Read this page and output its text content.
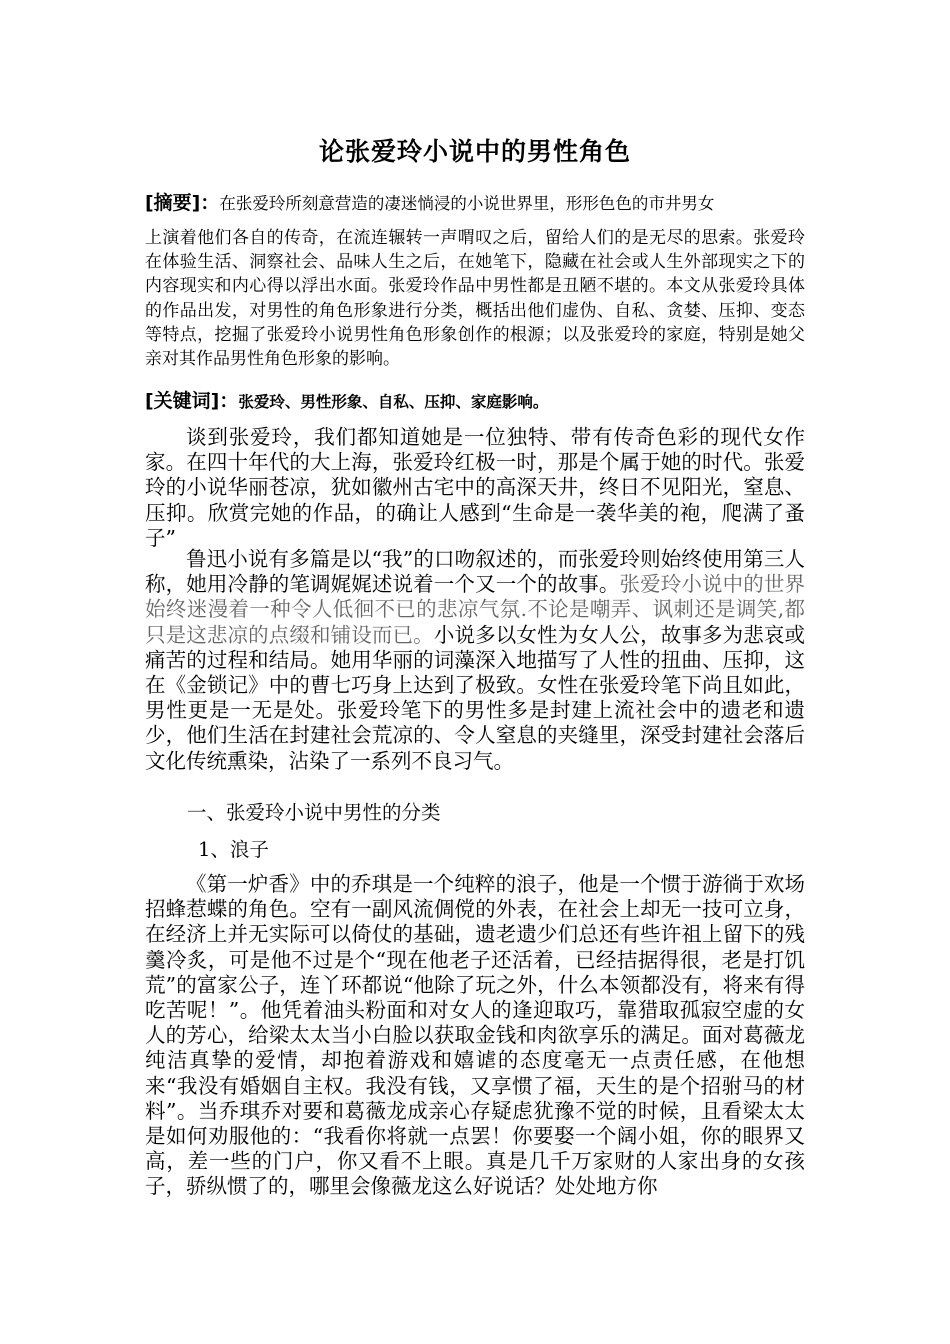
论张爱玲小说中的男性角色
[摘要]：在张爱玲所刻意营造的凄迷惝浸的小说世界里，形形色色的市井男女
上演着他们各自的传奇，在流连辗转一声喟叹之后，留给人们的是无尽的思索。张爱玲在体验生活、洞察社会、品味人生之后，在她笔下，隐藏在社会或人生外部现实之下的内容现实和内心得以浮出水面。张爱玲作品中男性都是丑陋不堪的。本文从张爱玲具体的作品出发，对男性的角色形象进行分类，概括出他们虚伪、自私、贪婪、压抑、变态等特点，挖掘了张爱玲小说男性角色形象创作的根源；以及张爱玲的家庭，特别是她父亲对其作品男性角色形象的影响。
[关键词]：张爱玲、男性形象、自私、压抑、家庭影响。
谈到张爱玲，我们都知道她是一位独特、带有传奇色彩的现代女作家。在四十年代的大上海，张爱玲红极一时，那是个属于她的时代。张爱玲的小说华丽苍凉，犹如徽州古宅中的高深天井，终日不见阳光，窒息、压抑。欣赏完她的作品，的确让人感到“生命是一袭华美的袍，爬满了蚤子”
鲁迅小说有多篇是以“我”的口吻叙述的，而张爱玲则始终使用第三人称，她用冷静的笔调娓娓述说着一个又一个的故事。张爱玲小说中的世界始终迷漫着一种令人低徊不已的悲凉气氛.不论是嘲弄、讽刺还是调笑,都只是这悲凉的点缀和铺设而已。小说多以女性为女人公，故事多为悲哀或痛苦的过程和结局。她用华丽的词藻深入地描写了人性的扭曲、压抑，这在《金锁记》中的曹七巧身上达到了极致。女性在张爱玲笔下尚且如此，男性更是一无是处。张爱玲笔下的男性多是封建上流社会中的遗老和遗少，他们生活在封建社会荒凉的、令人窒息的夹缝里，深受封建社会落后文化传统熏染，沾染了一系列不良习气。
一、张爱玲小说中男性的分类
1、浪子
《第一炉香》中的乔琪是一个纯粹的浪子，他是一个惯于游徜于欢场招蜂惹蝶的角色。空有一副风流倜傥的外表，在社会上却无一技可立身，在经济上并无实际可以倚仗的基础，遗老遗少们总还有些许祖上留下的残羹冷炙，可是他不过是个“现在他老子还活着，已经拮据得很，老是打饥荒”的富家公子，连丫环都说“他除了玩之外，什么本领都没有，将来有得吃苦呢！”。他凭着油头粉面和对女人的逢迎取巧，靠猎取孤寂空虚的女人的芳心，给梁太太当小白脸以获取金钱和肉欲享乐的满足。面对葛薇龙纯洁真挚的爱情，却抱着游戏和嬉谑的态度毫无一点责任感，在他想来“我没有婚姻自主权。我没有钱，又享惯了福，天生的是个招驸马的材料”。当乔琪乔对要和葛薇龙成亲心存疑虑犹豫不觉的时候，且看梁太太是如何劝服他的：“我看你将就一点罢！你要娶一个阔小姐，你的眼界又高，差一些的门户，你又看不上眼。真是几千万家财的人家出身的女孩子，骄纵惯了的，哪里会像薇龙这么好说话？处处地方你
